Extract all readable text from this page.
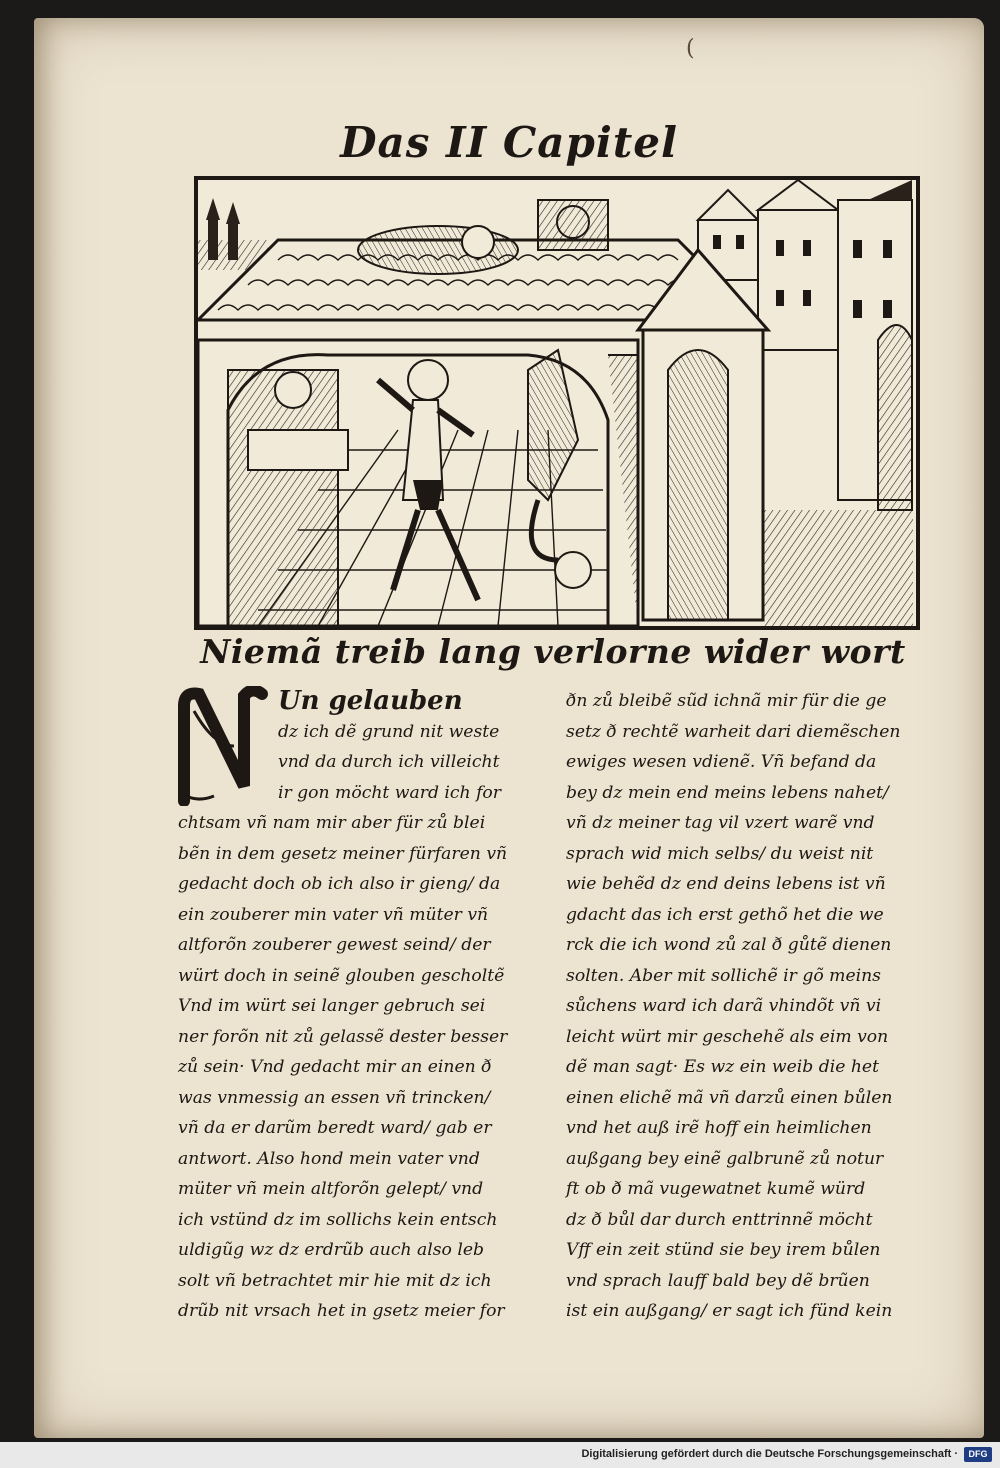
(
Das II Capitel
Niemã treib lang verlorne wider wort
Un gelauben
dz ich dẽ grund nit weste
vnd da durch ich villeicht
ir gon möcht ward ich for
chtsam vñ nam mir aber für zů blei
bẽn in dem gesetz meiner fürfaren vñ
gedacht doch ob ich also ir gieng/ da
ein zouberer min vater vñ müter vñ
altforõn zouberer gewest seind/ der
würt doch in seinẽ glouben gescholtẽ
Vnd im würt sei langer gebruch sei
ner forõn nit zů gelassẽ dester besser
zů sein· Vnd gedacht mir an einen ð
was vnmessig an essen vñ trincken/
vñ da er darũm beredt ward/ gab er
antwort. Also hond mein vater vnd
müter vñ mein altforõn gelept/ vnd
ich vstünd dz im sollichs kein entsch
uldigũg wz dz erdrũb auch also leb
solt vñ betrachtet mir hie mit dz ich
drũb nit vrsach het in gsetz meier for
ðn zů bleibẽ sũd ichnã mir für die ge
setz ð rechtẽ warheit dari diemẽschen
ewiges wesen vdienẽ. Vñ befand da
bey dz mein end meins lebens nahet/
vñ dz meiner tag vil vzert warẽ vnd
sprach wid mich selbs/ du weist nit
wie behẽd dz end deins lebens ist vñ
gdacht das ich erst gethõ het die we
rck die ich wond zů zal ð gůtẽ dienen
solten. Aber mit sollichẽ ir gõ meins
sůchens ward ich darã vhindõt vñ vi
leicht würt mir geschehẽ als eim von
dẽ man sagt· Es wz ein weib die het
einen elichẽ mã vñ darzů einen bůlen
vnd het auß irẽ hoff ein heimlichen
außgang bey einẽ galbrunẽ zů notur
ft ob ð mã vugewatnet kumẽ würd
dz ð bůl dar durch enttrinnẽ möcht
Vff ein zeit stünd sie bey irem bůlen
vnd sprach lauff bald bey dẽ brũen
ist ein außgang/ er sagt ich fünd kein
Digitalisierung gefördert durch die Deutsche Forschungsgemeinschaft ·	DFG
